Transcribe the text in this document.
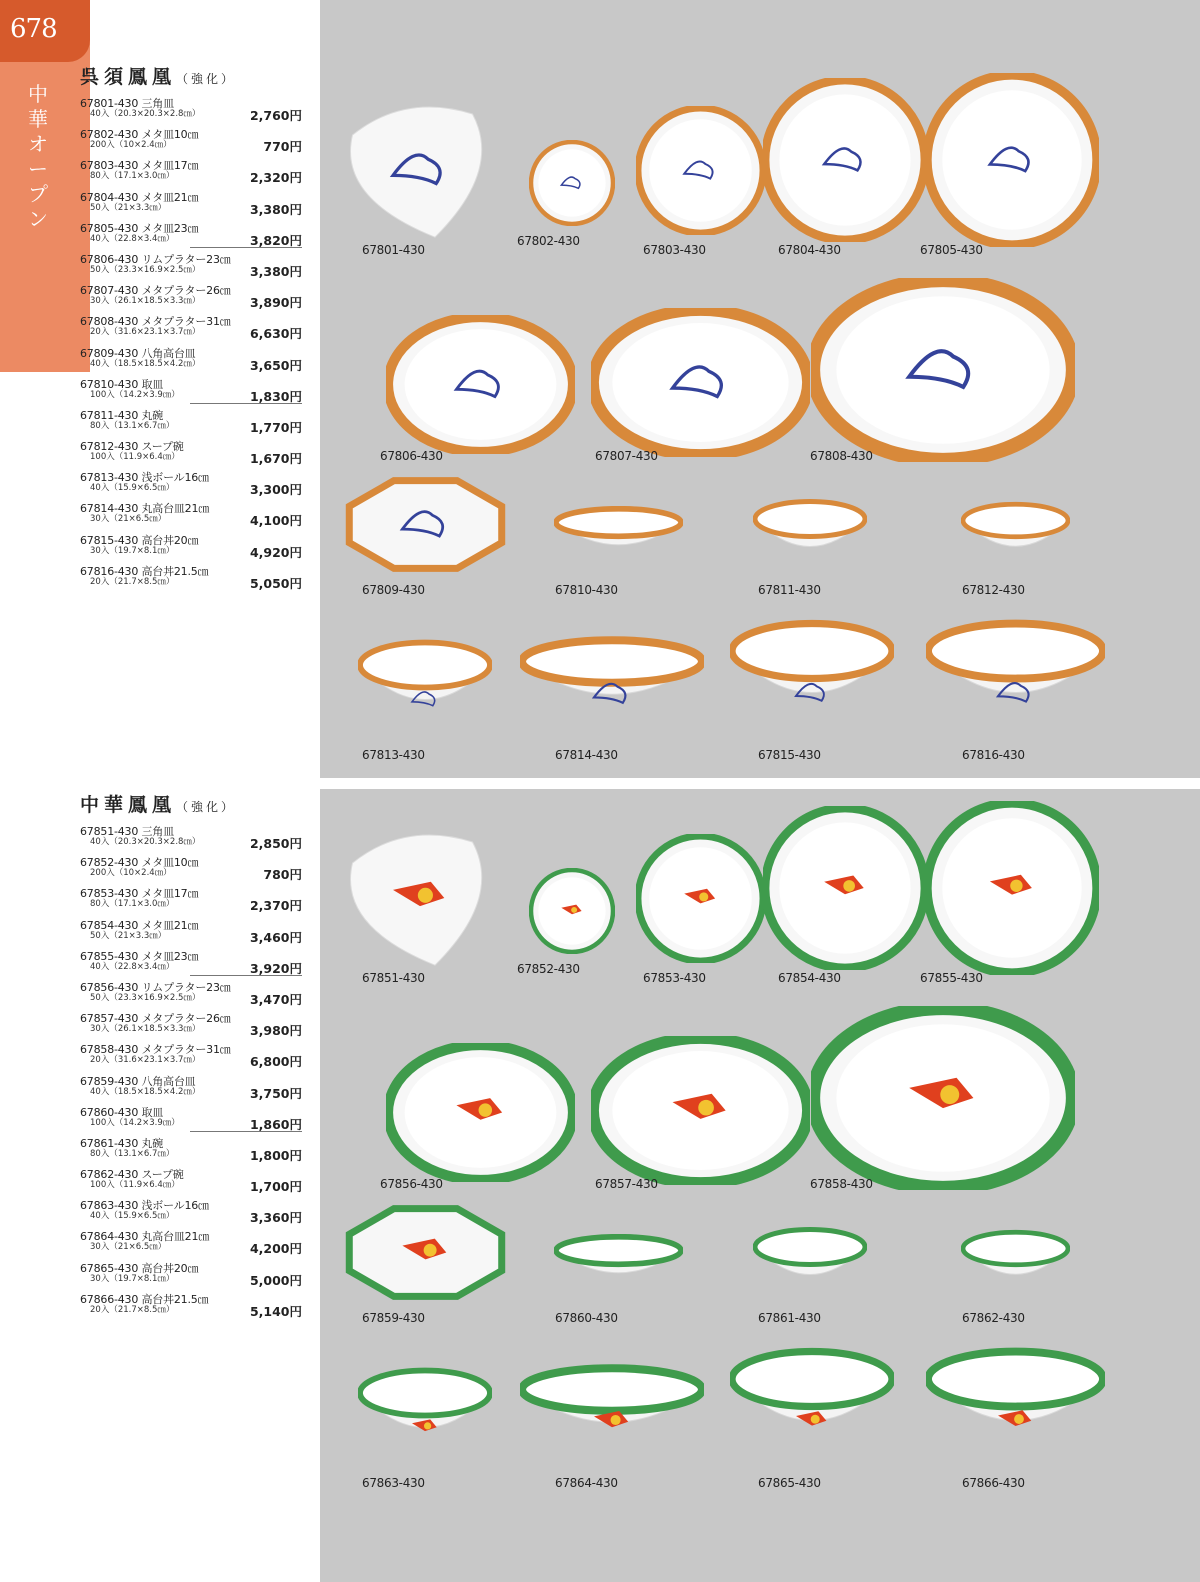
678
中華オープン
呉須鳳凰（強化）
中華鳳凰（強化）
67801-430 三角皿
40入（20.3×20.3×2.8㎝）	2,760円
67802-430 メタ皿10㎝
200入（10×2.4㎝）	770円
67803-430 メタ皿17㎝
80入（17.1×3.0㎝）	2,320円
67804-430 メタ皿21㎝
50入（21×3.3㎝）	3,380円
67805-430 メタ皿23㎝
40入（22.8×3.4㎝）	3,820円
67806-430 リムプラター23㎝
50入（23.3×16.9×2.5㎝）	3,380円
67807-430 メタプラター26㎝
30入（26.1×18.5×3.3㎝）	3,890円
67808-430 メタプラター31㎝
20入（31.6×23.1×3.7㎝）	6,630円
67809-430 八角高台皿
40入（18.5×18.5×4.2㎝）	3,650円
67810-430 取皿
100入（14.2×3.9㎝）	1,830円
67811-430 丸碗
80入（13.1×6.7㎝）	1,770円
67812-430 スープ碗
100入（11.9×6.4㎝）	1,670円
67813-430 浅ボール16㎝
40入（15.9×6.5㎝）	3,300円
67814-430 丸高台皿21㎝
30入（21×6.5㎝）	4,100円
67815-430 高台丼20㎝
30入（19.7×8.1㎝）	4,920円
67816-430 高台丼21.5㎝
20入（21.7×8.5㎝）	5,050円
67851-430 三角皿
40入（20.3×20.3×2.8㎝）	2,850円
67852-430 メタ皿10㎝
200入（10×2.4㎝）	780円
67853-430 メタ皿17㎝
80入（17.1×3.0㎝）	2,370円
67854-430 メタ皿21㎝
50入（21×3.3㎝）	3,460円
67855-430 メタ皿23㎝
40入（22.8×3.4㎝）	3,920円
67856-430 リムプラター23㎝
50入（23.3×16.9×2.5㎝）	3,470円
67857-430 メタプラター26㎝
30入（26.1×18.5×3.3㎝）	3,980円
67858-430 メタプラター31㎝
20入（31.6×23.1×3.7㎝）	6,800円
67859-430 八角高台皿
40入（18.5×18.5×4.2㎝）	3,750円
67860-430 取皿
100入（14.2×3.9㎝）	1,860円
67861-430 丸碗
80入（13.1×6.7㎝）	1,800円
67862-430 スープ碗
100入（11.9×6.4㎝）	1,700円
67863-430 浅ボール16㎝
40入（15.9×6.5㎝）	3,360円
67864-430 丸高台皿21㎝
30入（21×6.5㎝）	4,200円
67865-430 高台丼20㎝
30入（19.7×8.1㎝）	5,000円
67866-430 高台丼21.5㎝
20入（21.7×8.5㎝）	5,140円
67801-430
67802-430
67803-430	67804-430	67805-430
67806-430	67807-430	67808-430
67809-430	67810-430	67811-430	67812-430
67813-430	67814-430	67815-430	67816-430
67851-430
67852-430
67853-430	67854-430	67855-430
67856-430	67857-430	67858-430
67859-430	67860-430	67861-430	67862-430
67863-430	67864-430	67865-430	67866-430
